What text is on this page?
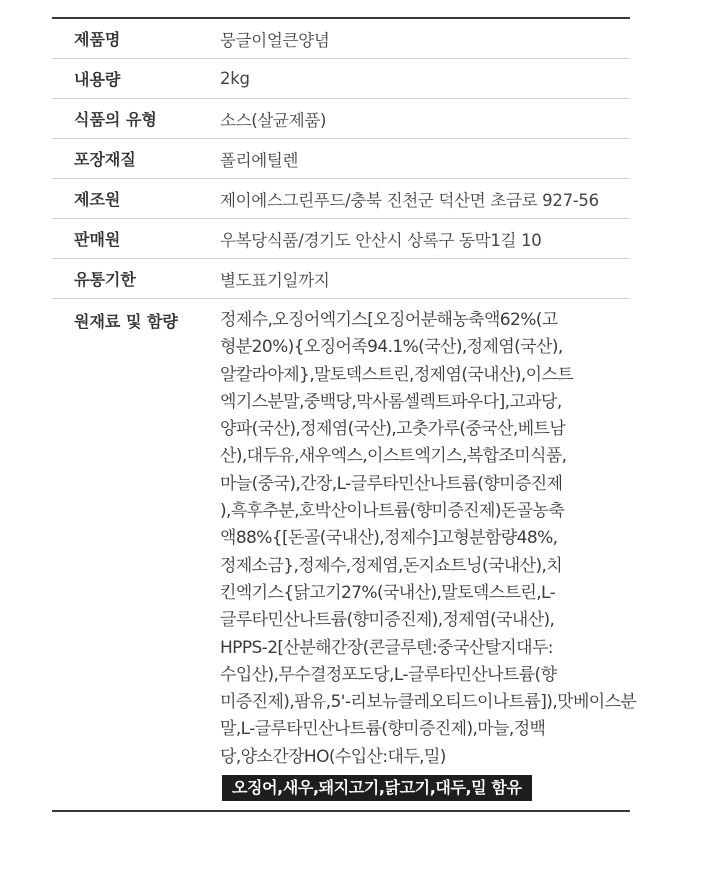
제품명	뭉글이얼큰양념
내용량	2kg
식품의 유형	소스(살균제품)
포장재질	폴리에틸렌
제조원	제이에스그린푸드/충북 진천군 덕산면 초금로 927-56
판매원	우복당식품/경기도 안산시 상록구 동막1길 10
유통기한	별도표기일까지
원재료 및 함량	정제수,오징어엑기스[오징어분해농축액62%(고
형분20%){오징어족94.1%(국산),정제염(국산),
알칼라아제},말토덱스트린,정제염(국내산),이스트
엑기스분말,중백당,막사롬셀렉트파우다],고과당,
양파(국산),정제염(국산),고춧가루(중국산,베트남
산),대두유,새우엑스,이스트엑기스,복합조미식품,
마늘(중국),간장,L-글루타민산나트륨(향미증진제
),흑후추분,호박산이나트륨(향미증진제)돈골농축
액88%{[돈골(국내산),정제수]고형분함량48%,
정제소금},정제수,정제염,돈지쇼트닝(국내산),치
킨엑기스{닭고기27%(국내산),말토덱스트린,L-
글루타민산나트륨(향미증진제),정제염(국내산),
HPPS-2[산분해간장(콘글루텐:중국산탈지대두:
수입산),무수결정포도당,L-글루타민산나트륨(향
미증진제),팜유,5'-리보뉴클레오티드이나트륨]),맛베이스분
말,L-글루타민산나트륨(향미증진제),마늘,정백
당,양소간장HO(수입산:대두,밀)
오징어,새우,돼지고기,닭고기,대두,밀 함유
